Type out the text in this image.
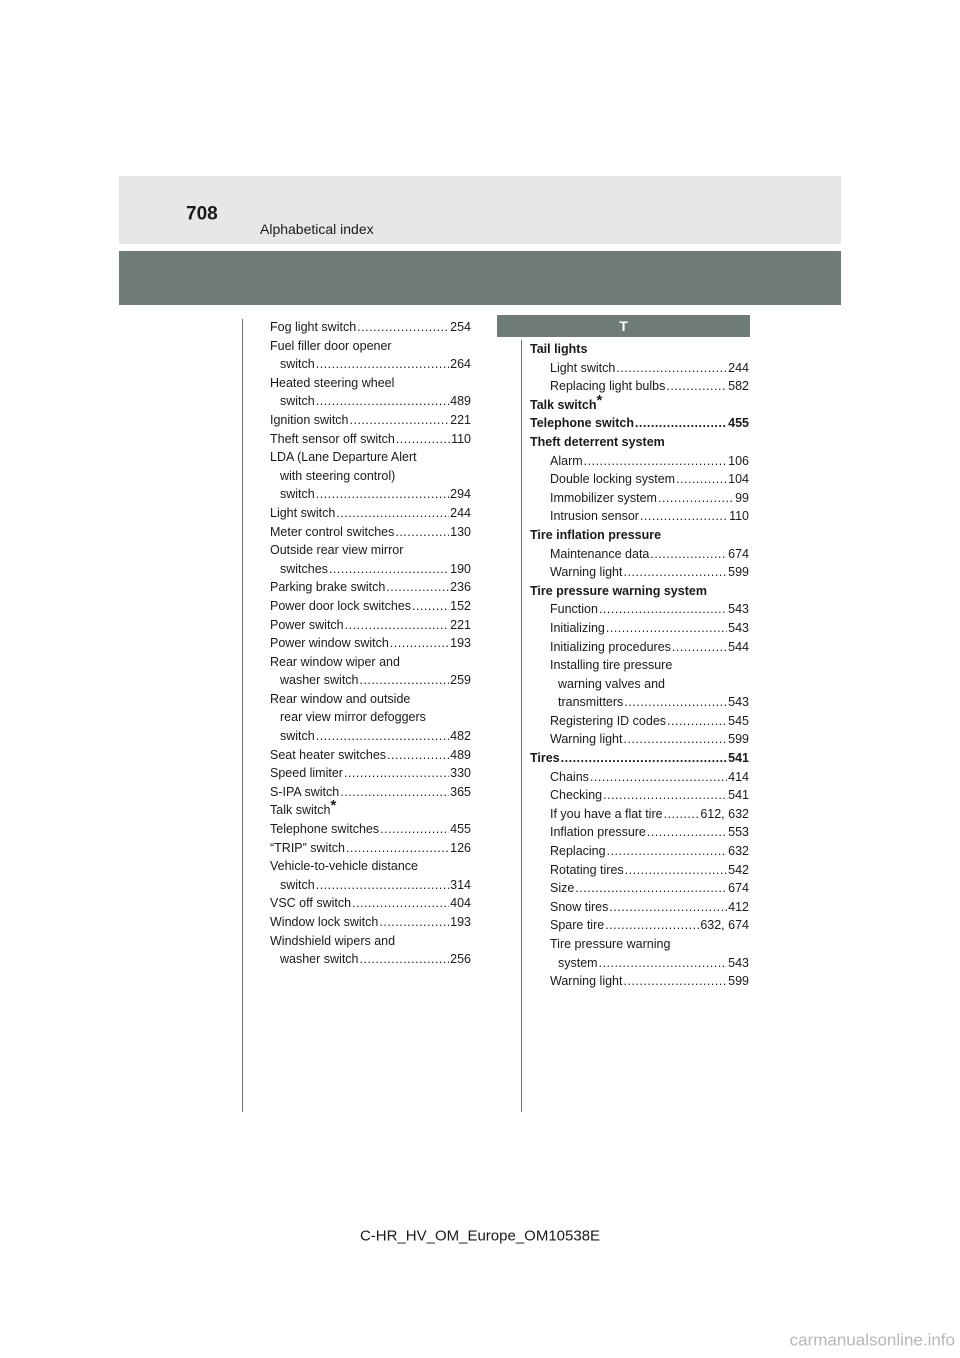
708
Alphabetical index
Fog light switch .....	254
Fuel filler door opener
switch .....	264
Heated steering wheel
switch .....	489
Ignition switch .....	221
Theft sensor off switch .....	110
LDA (Lane Departure Alert
with steering control)
switch .....	294
Light switch .....	244
Meter control switches .....	130
Outside rear view mirror
switches .....	190
Parking brake switch .....	236
Power door lock switches .....	152
Power switch .....	221
Power window switch .....	193
Rear window wiper and
washer switch .....	259
Rear window and outside
rear view mirror defoggers
switch .....	482
Seat heater switches .....	489
Speed limiter .....	330
S-IPA switch .....	365
Talk switch*
Telephone switches .....	455
“TRIP” switch .....	126
Vehicle-to-vehicle distance
switch .....	314
VSC off switch .....	404
Window lock switch .....	193
Windshield wipers and
washer switch .....	256
T
Tail lights
Light switch .....	244
Replacing light bulbs .....	582
Talk switch*
Telephone switch .....	455
Theft deterrent system
Alarm .....	106
Double locking system .....	104
Immobilizer system .....	99
Intrusion sensor .....	110
Tire inflation pressure
Maintenance data .....	674
Warning light .....	599
Tire pressure warning system
Function .....	543
Initializing .....	543
Initializing procedures .....	544
Installing tire pressure
warning valves and
transmitters .....	543
Registering ID codes .....	545
Warning light .....	599
Tires .....	541
Chains .....	414
Checking .....	541
If you have a flat tire .....	612, 632
Inflation pressure .....	553
Replacing .....	632
Rotating tires .....	542
Size .....	674
Snow tires .....	412
Spare tire .....	632, 674
Tire pressure warning
system .....	543
Warning light .....	599
C-HR_HV_OM_Europe_OM10538E
carmanualsonline.info
